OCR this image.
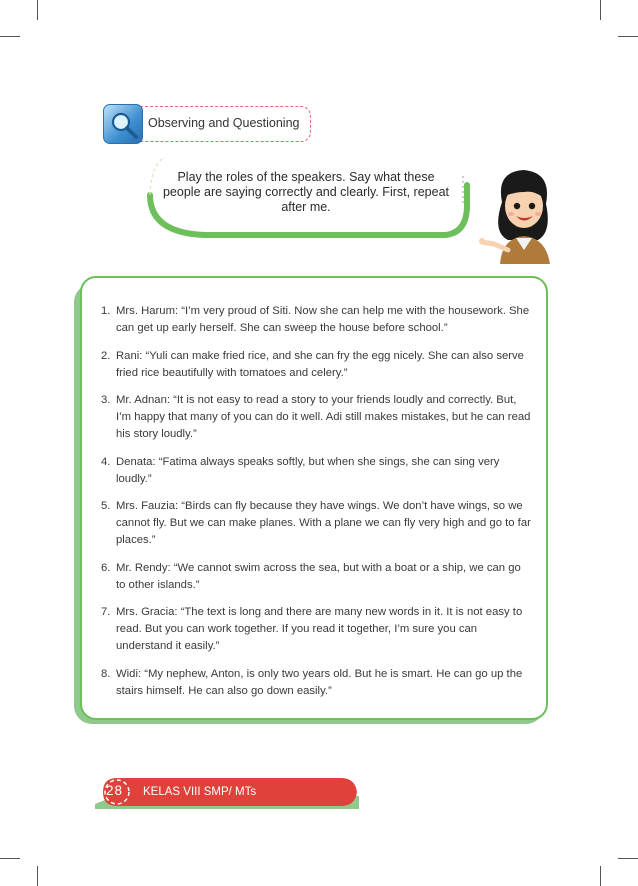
Observing and Questioning
Play the roles of the speakers. Say what these people are saying correctly and clearly. First, repeat after me.
1. Mrs. Harum: “I’m very proud of Siti. Now she can help me with the housework. She can get up early herself. She can sweep the house before school.”
2. Rani: “Yuli can make fried rice, and she can fry the egg nicely. She can also serve fried rice beautifully with tomatoes and celery.”
3. Mr. Adnan: “It is not easy to read a story to your friends loudly and correctly. But, I’m happy that many of you can do it well. Adi still makes mistakes, but he can read his story loudly.”
4. Denata: “Fatima always speaks softly, but when she sings, she can sing very loudly.”
5. Mrs. Fauzia: “Birds can fly because they have wings. We don’t have wings, so we cannot fly. But we can make planes. With a plane we can fly very high and go to far places.”
6. Mr. Rendy: “We cannot swim across the sea, but with a boat or a ship, we can go to other islands.”
7. Mrs. Gracia: “The text is long and there are many new words in it. It is not easy to read. But you can work together. If you read it together, I’m sure you can understand it easily.”
8. Widi: “My nephew, Anton, is only two years old. But he is smart. He can go up the stairs himself. He can also go down easily.”
28 KELAS VIII SMP/ MTs
